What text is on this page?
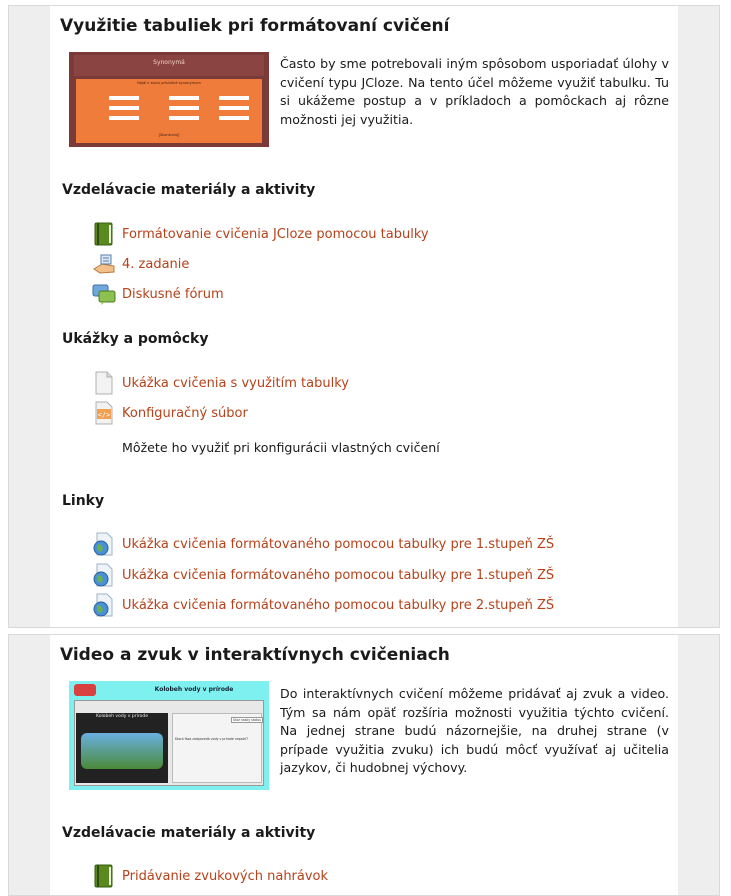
Využitie tabuliek pri formátovaní cvičení
Synonymá
Nájdi k slovu príslušné synonymum
[Skontroluj]
Často by sme potrebovali iným spôsobom usporiadať úlohy v cvičení typu JCloze. Na tento účel môžeme využiť tabulku. Tu si ukážeme postup a v príkladoch a pomôckach aj rôzne možnosti jej využitia.
Vzdelávacie materiály a aktivity
Formátovanie cvičenia JCloze pomocou tabulky
4. zadanie
Diskusné fórum
Ukážky a pomôcky
Ukážka cvičenia s využitím tabulky
</> Konfiguračný súbor
Môžete ho využiť pri konfigurácii vlastných cvičení
Linky
Ukážka cvičenia formátovaného pomocou tabulky pre 1.stupeň ZŠ
Ukážka cvičenia formátovaného pomocou tabulky pre 1.stupeň ZŠ
Ukážka cvičenia formátovaného pomocou tabulky pre 2.stupeň ZŠ
Video a zvuk v interaktívnych cvičeniach
Kolobeh vody v prírode
Kolobeh vody v prírode
Ktorá fáza zodpovedá vody v prírode nepatrí?
Uloz nasky status
Do interaktívnych cvičení môžeme pridávať aj zvuk a video. Tým sa nám opäť rozšíria možnosti využitia týchto cvičení. Na jednej strane budú názornejšie, na druhej strane (v prípade využitia zvuku) ich budú môcť využívať aj učitelia jazykov, či hudobnej výchovy.
Vzdelávacie materiály a aktivity
Pridávanie zvukových nahrávok
